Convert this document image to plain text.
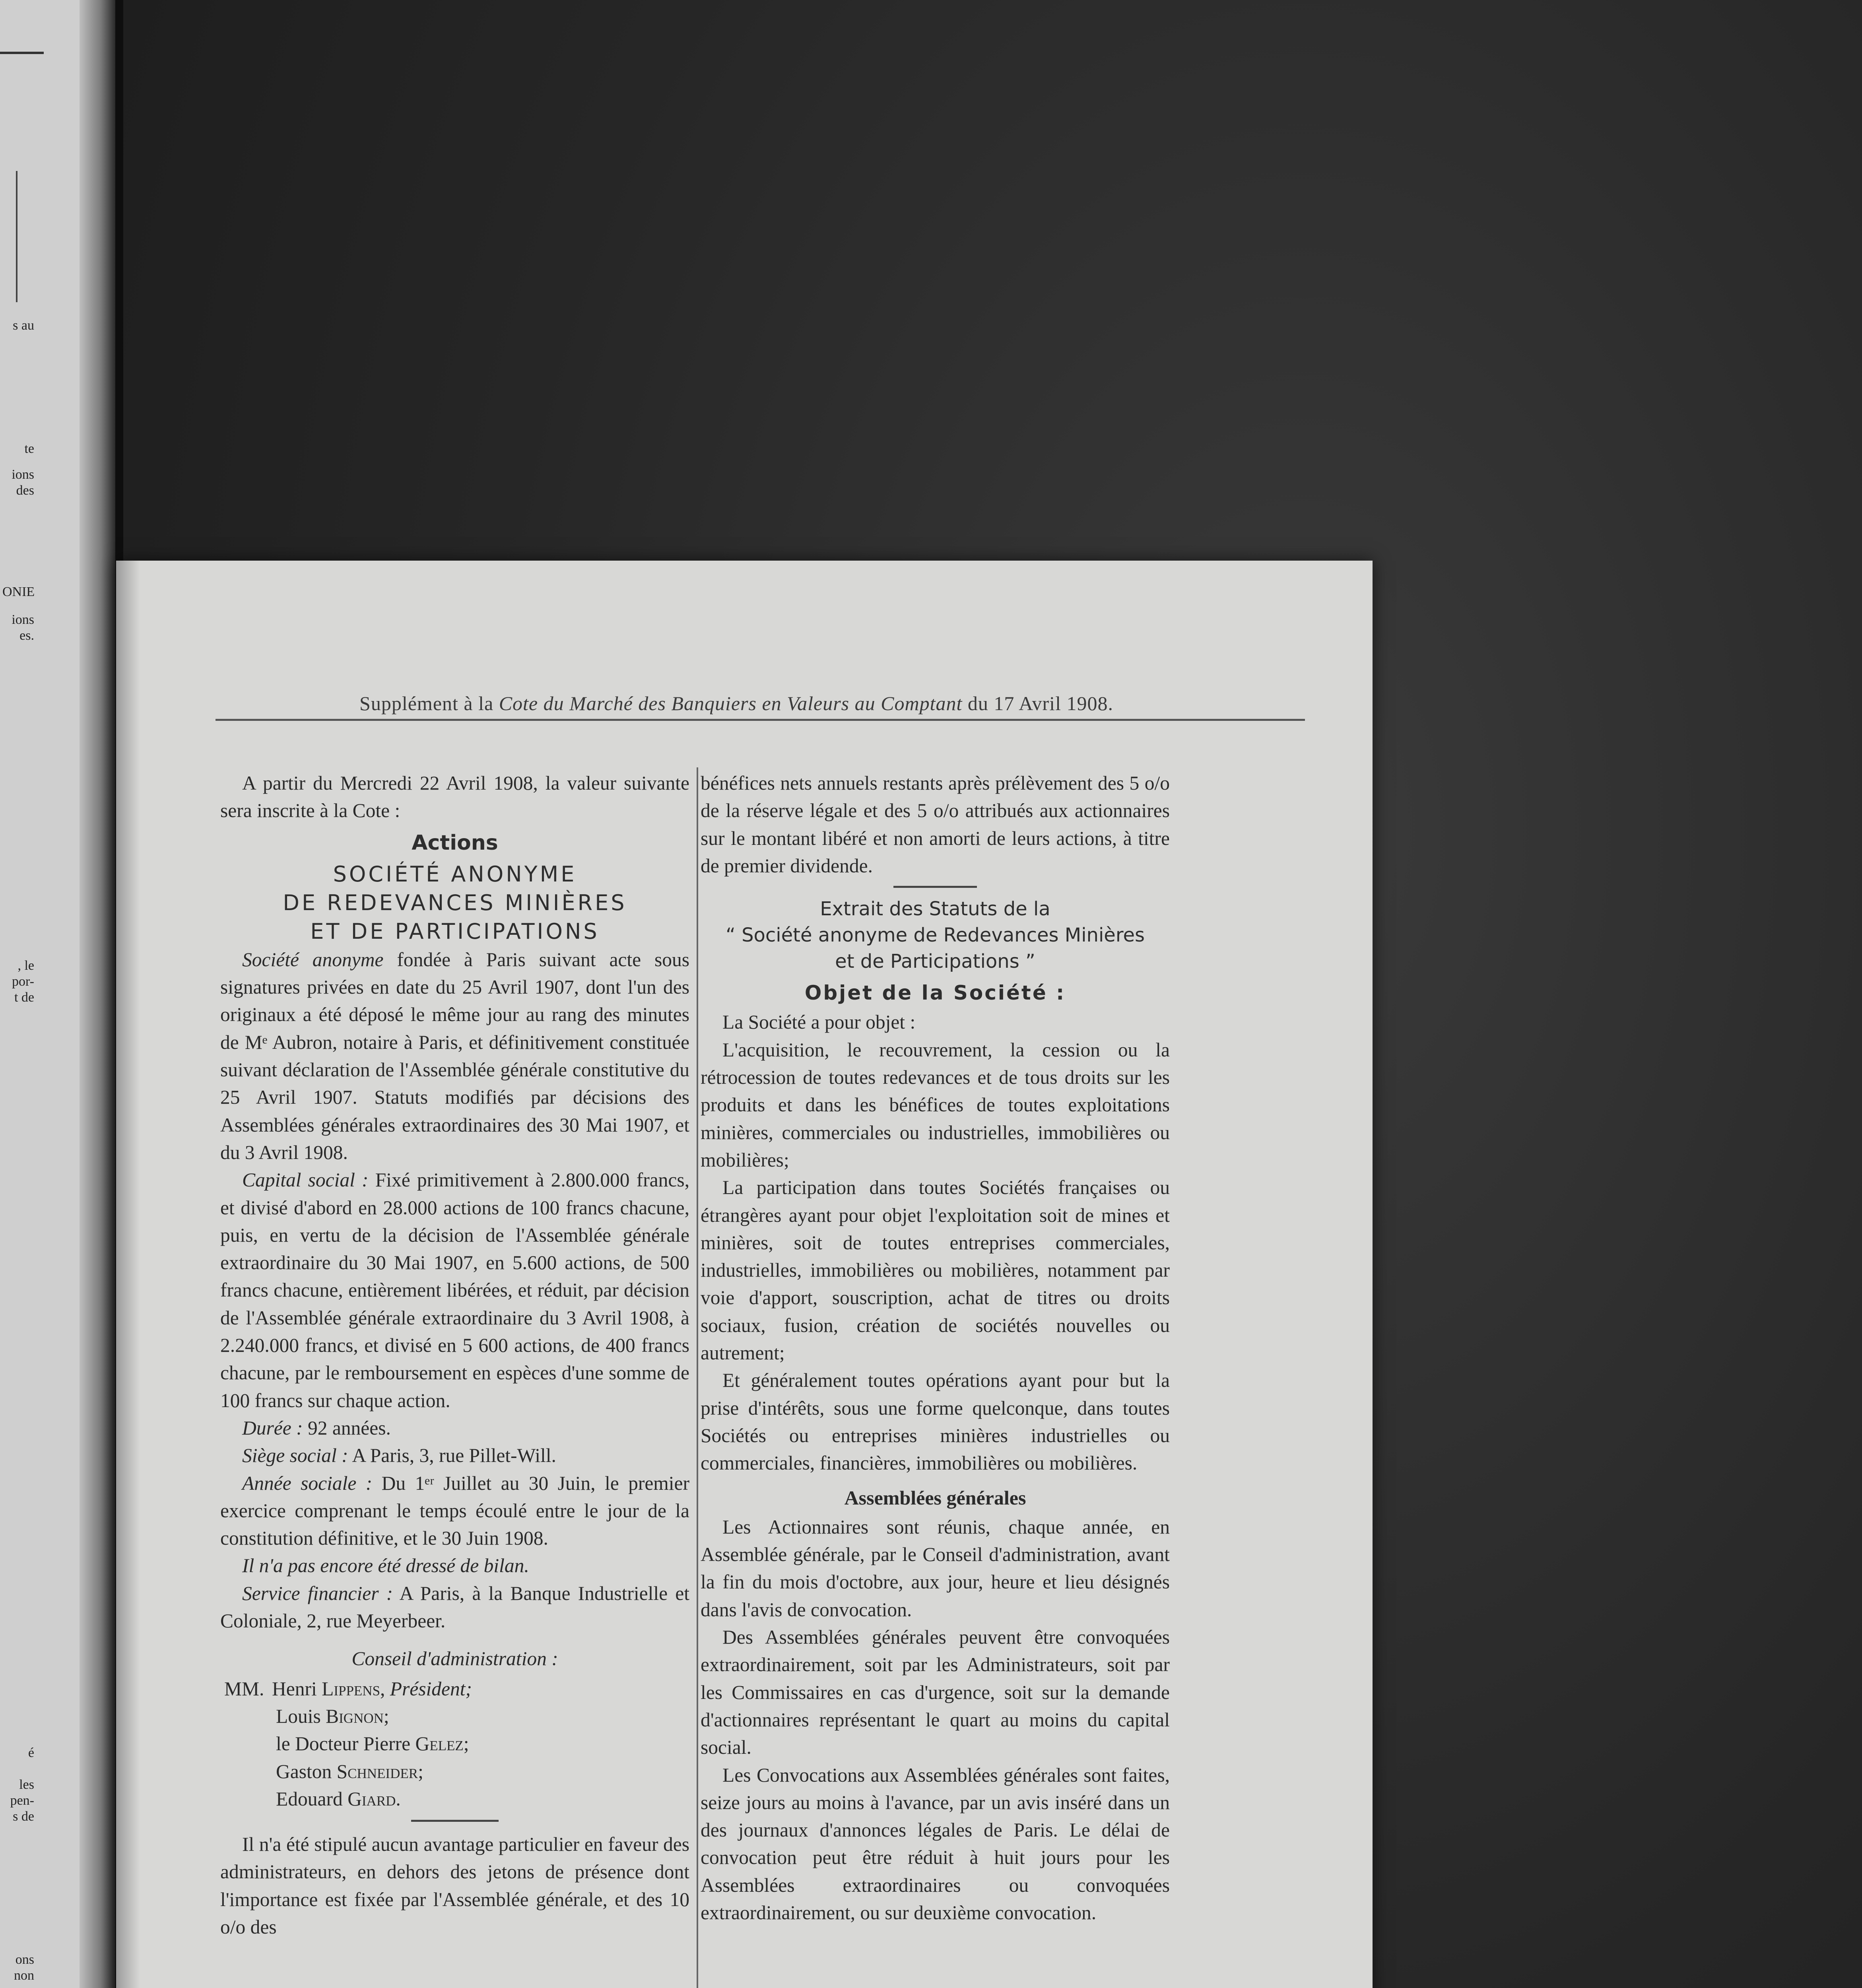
s au
te
ions
des
ONIE
ions
es.
, le
por-
t de
é
les
pen-
s de
ons
non
Supplément à la Cote du Marché des Banquiers en Valeurs au Comptant du 17 Avril 1908.

A partir du Mercredi 22 Avril 1908, la valeur suivante sera inscrite à la Cote :

Actions
SOCIÉTÉ ANONYME
DE REDEVANCES MINIÈRES
ET DE PARTICIPATIONS

Société anonyme fondée à Paris suivant acte sous signatures privées en date du 25 Avril 1907, dont l'un des originaux a été déposé le même jour au rang des minutes de Mᵉ Aubron, notaire à Paris, et définitivement constituée suivant déclaration de l'Assemblée générale constitutive du 25 Avril 1907. Statuts modifiés par décisions des Assemblées générales extraordinaires des 30 Mai 1907, et du 3 Avril 1908.

Capital social : Fixé primitivement à 2.800.000 francs, et divisé d'abord en 28.000 actions de 100 francs chacune, puis, en vertu de la décision de l'Assemblée générale extraordinaire du 30 Mai 1907, en 5.600 actions, de 500 francs chacune, entièrement libérées, et réduit, par décision de l'Assemblée générale extraordinaire du 3 Avril 1908, à 2.240.000 francs, et divisé en 5 600 actions, de 400 francs chacune, par le remboursement en espèces d'une somme de 100 francs sur chaque action.

Durée : 92 années.

Siège social : A Paris, 3, rue Pillet-Will.

Année sociale : Du 1ᵉʳ Juillet au 30 Juin, le premier exercice comprenant le temps écoulé entre le jour de la constitution définitive, et le 30 Juin 1908.

Il n'a pas encore été dressé de bilan.

Service financier : A Paris, à la Banque Industrielle et Coloniale, 2, rue Meyerbeer.

Conseil d'administration :
MM. Henri Lippens, Président;
Louis Bignon;
le Docteur Pierre Gelez;
Gaston Schneider;
Edouard Giard.

Il n'a été stipulé aucun avantage particulier en faveur des administrateurs, en dehors des jetons de présence dont l'importance est fixée par l'Assemblée générale, et des 10 o/o des

bénéfices nets annuels restants après prélèvement des 5 o/o de la réserve légale et des 5 o/o attribués aux actionnaires sur le montant libéré et non amorti de leurs actions, à titre de premier dividende.

Extrait des Statuts de la
“ Société anonyme de Redevances Minières
et de Participations ”
Objet de la Société :

La Société a pour objet :

L'acquisition, le recouvrement, la cession ou la rétrocession de toutes redevances et de tous droits sur les produits et dans les bénéfices de toutes exploitations minières, commerciales ou industrielles, immobilières ou mobilières;

La participation dans toutes Sociétés françaises ou étrangères ayant pour objet l'exploitation soit de mines et minières, soit de toutes entreprises commerciales, industrielles, immobilières ou mobilières, notamment par voie d'apport, souscription, achat de titres ou droits sociaux, fusion, création de sociétés nouvelles ou autrement;

Et généralement toutes opérations ayant pour but la prise d'intérêts, sous une forme quelconque, dans toutes Sociétés ou entreprises minières industrielles ou commerciales, financières, immobilières ou mobilières.

Assemblées générales

Les Actionnaires sont réunis, chaque année, en Assemblée générale, par le Conseil d'administration, avant la fin du mois d'octobre, aux jour, heure et lieu désignés dans l'avis de convocation.

Des Assemblées générales peuvent être convoquées extraordinairement, soit par les Administrateurs, soit par les Commissaires en cas d'urgence, soit sur la demande d'actionnaires représentant le quart au moins du capital social.

Les Convocations aux Assemblées générales sont faites, seize jours au moins à l'avance, par un avis inséré dans un des journaux d'annonces légales de Paris. Le délai de convocation peut être réduit à huit jours pour les Assemblées extraordinaires ou convoquées extraordinairement, ou sur deuxième convocation.
